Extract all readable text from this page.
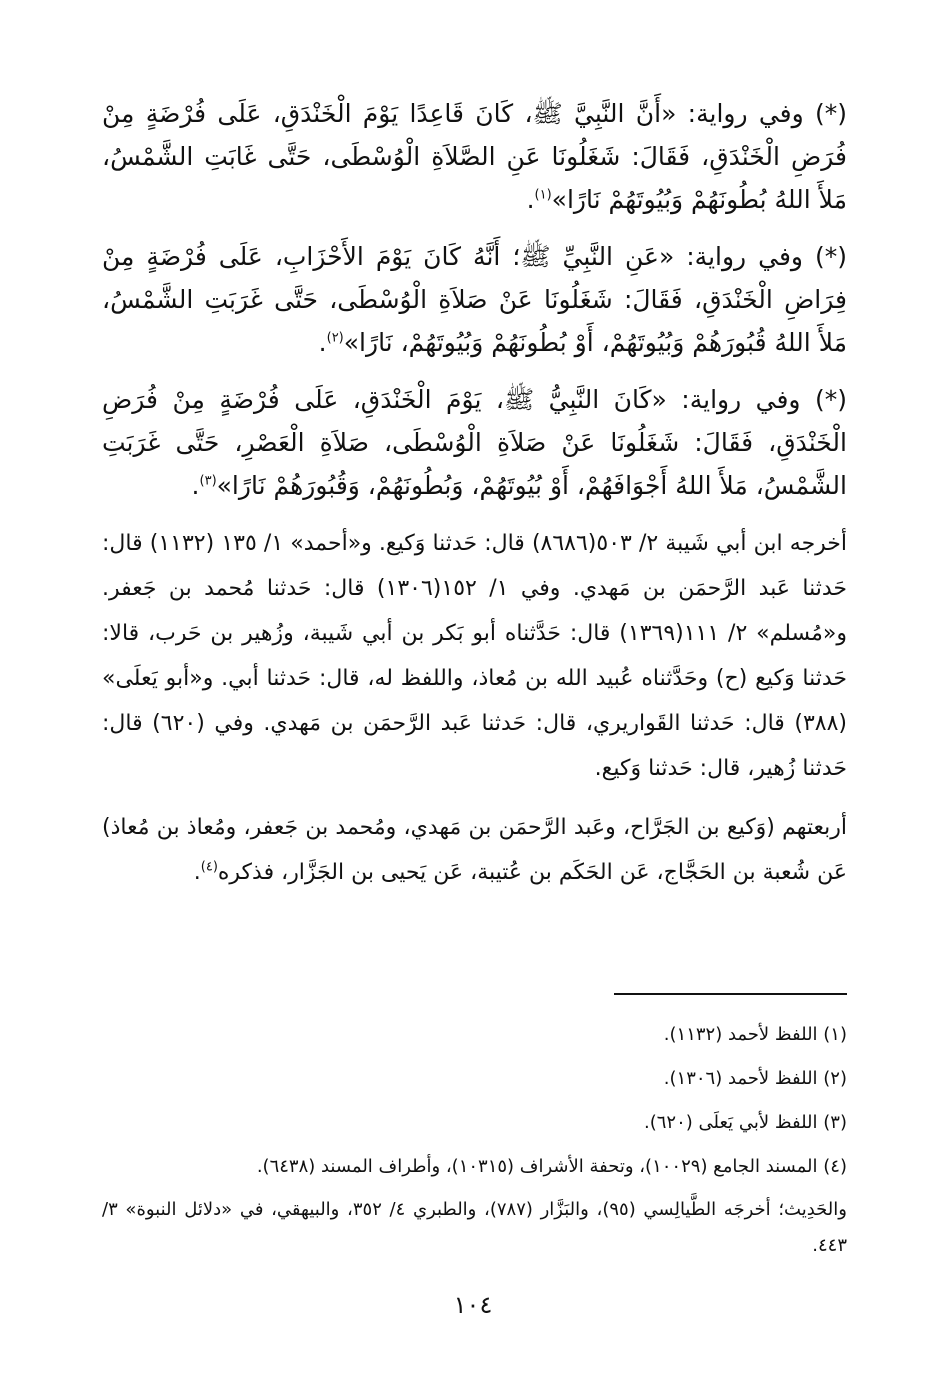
(*) وفي رواية: «أَنَّ النَّبِيَّ ﷺ، كَانَ قَاعِدًا يَوْمَ الْخَنْدَقِ، عَلَى فُرْضَةٍ مِنْ فُرَضِ الْخَنْدَقِ، فَقَالَ: شَغَلُونَا عَنِ الصَّلاَةِ الْوُسْطَى، حَتَّى غَابَتِ الشَّمْسُ، مَلأَ اللهُ بُطُونَهُمْ وَبُيُوتَهُمْ نَارًا»$^{(١)}$.

(*) وفي رواية: «عَنِ النَّبِيِّ ﷺ؛ أَنَّهُ كَانَ يَوْمَ الأَحْزَابِ، عَلَى فُرْضَةٍ مِنْ فِرَاضِ الْخَنْدَقِ، فَقَالَ: شَغَلُونَا عَنْ صَلاَةِ الْوُسْطَى، حَتَّى غَرَبَتِ الشَّمْسُ، مَلأَ اللهُ قُبُورَهُمْ وَبُيُوتَهُمْ، أَوْ بُطُونَهُمْ وَبُيُوتَهُمْ، نَارًا»$^{(٢)}$.

(*) وفي رواية: «كَانَ النَّبِيُّ ﷺ، يَوْمَ الْخَنْدَقِ، عَلَى فُرْضَةٍ مِنْ فُرَضِ الْخَنْدَقِ، فَقَالَ: شَغَلُونَا عَنْ صَلاَةِ الْوُسْطَى، صَلاَةِ الْعَصْرِ، حَتَّى غَرَبَتِ الشَّمْسُ، مَلأَ اللهُ أَجْوَافَهُمْ، أَوْ بُيُوتَهُمْ، وَبُطُونَهُمْ، وَقُبُورَهُمْ نَارًا»$^{(٣)}$.

أخرجه ابن أبي شَيبة ٢/ ٥٠٣(٨٦٨٦) قال: حَدثنا وَكيع. و«أحمد» ١/ ١٣٥ (١١٣٢) قال: حَدثنا عَبد الرَّحمَن بن مَهدي. وفي ١/ ١٥٢(١٣٠٦) قال: حَدثنا مُحمد بن جَعفر. و«مُسلم» ٢/ ١١١(١٣٦٩) قال: حَدَّثناه أبو بَكر بن أبي شَيبة، وزُهير بن حَرب، قالا: حَدثنا وَكيع (ح) وحَدَّثناه عُبيد الله بن مُعاذ، واللفظ له، قال: حَدثنا أبي. و«أبو يَعلَى» (٣٨٨) قال: حَدثنا القَواريري، قال: حَدثنا عَبد الرَّحمَن بن مَهدي. وفي (٦٢٠) قال: حَدثنا زُهير، قال: حَدثنا وَكيع.

أربعتهم (وَكيع بن الجَرَّاح، وعَبد الرَّحمَن بن مَهدي، ومُحمد بن جَعفر، ومُعاذ بن مُعاذ) عَن شُعبة بن الحَجَّاج، عَن الحَكَم بن عُتيبة، عَن يَحيى بن الجَزَّار، فذكره$^{(٤)}$.

(١) اللفظ لأحمد (١١٣٢).

(٢) اللفظ لأحمد (١٣٠٦).

(٣) اللفظ لأبي يَعلَى (٦٢٠).

(٤) المسند الجامع (١٠٠٢٩)، وتحفة الأشراف (١٠٣١٥)، وأطراف المسند (٦٤٣٨).

والحَدِيث؛ أخرجَه الطَّيالِسي (٩٥)، والبَزَّار (٧٨٧)، والطبري ٤/ ٣٥٢، والبيهقي، في «دلائل النبوة» ٣/ ٤٤٣.

١٠٤
